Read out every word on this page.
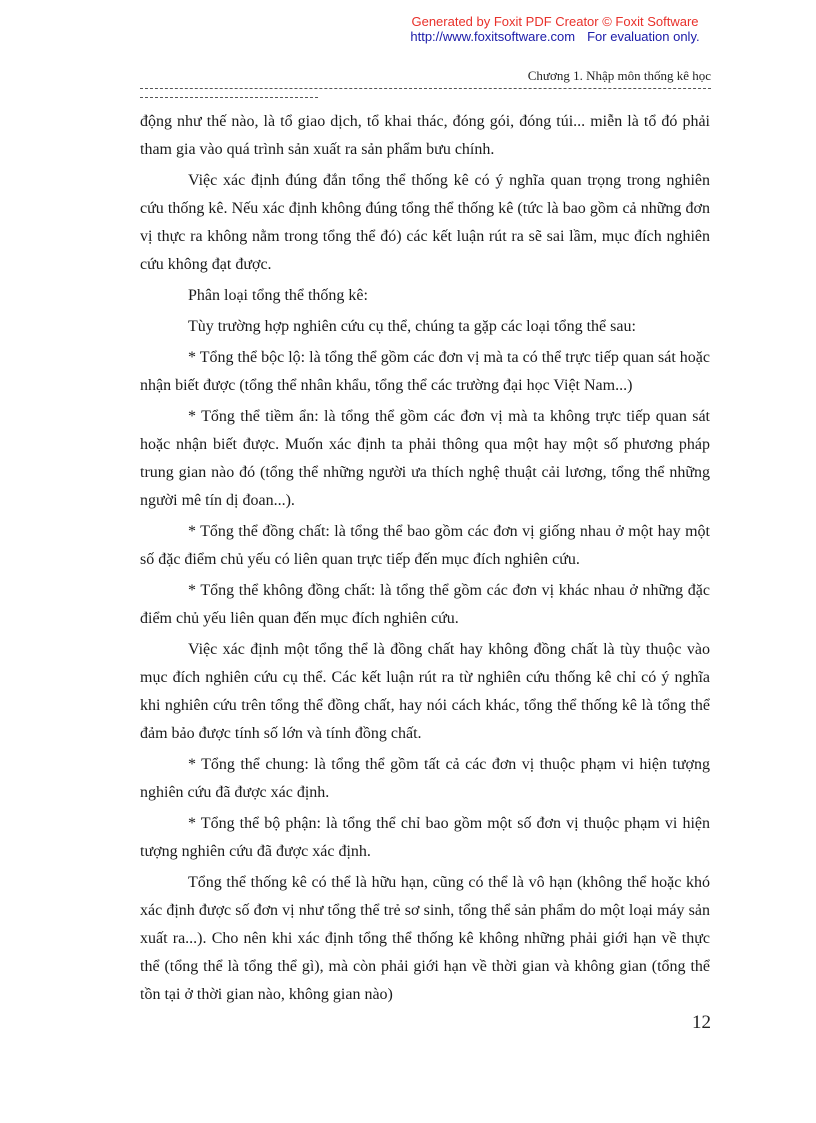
Generated by Foxit PDF Creator © Foxit Software
http://www.foxitsoftware.com For evaluation only.
Chương 1. Nhập môn thống kê học

động như thế nào, là tổ giao dịch, tổ khai thác, đóng gói, đóng túi... miễn là tổ đó phải tham gia vào quá trình sản xuất ra sản phẩm bưu chính.

Việc xác định đúng đắn tổng thể thống kê có ý nghĩa quan trọng trong nghiên cứu thống kê. Nếu xác định không đúng tổng thể thống kê (tức là bao gồm cả những đơn vị thực ra không nằm trong tổng thể đó) các kết luận rút ra sẽ sai lầm, mục đích nghiên cứu không đạt được.

Phân loại tổng thể thống kê:

Tùy trường hợp nghiên cứu cụ thể, chúng ta gặp các loại tổng thể sau:

* Tổng thể bộc lộ: là tổng thể gồm các đơn vị mà ta có thể trực tiếp quan sát hoặc nhận biết được (tổng thể nhân khẩu, tổng thể các trường đại học Việt Nam...)

* Tổng thể tiềm ẩn: là tổng thể gồm các đơn vị mà ta không trực tiếp quan sát hoặc nhận biết được. Muốn xác định ta phải thông qua một hay một số phương pháp trung gian nào đó (tổng thể những người ưa thích nghệ thuật cải lương, tổng thể những người mê tín dị đoan...).

* Tổng thể đồng chất: là tổng thể bao gồm các đơn vị giống nhau ở một hay một số đặc điểm chủ yếu có liên quan trực tiếp đến mục đích nghiên cứu.

* Tổng thể không đồng chất: là tổng thể gồm các đơn vị khác nhau ở những đặc điểm chủ yếu liên quan đến mục đích nghiên cứu.

Việc xác định một tổng thể là đồng chất hay không đồng chất là tùy thuộc vào mục đích nghiên cứu cụ thể. Các kết luận rút ra từ nghiên cứu thống kê chỉ có ý nghĩa khi nghiên cứu trên tổng thể đồng chất, hay nói cách khác, tổng thể thống kê là tổng thể đảm bảo được tính số lớn và tính đồng chất.

* Tổng thể chung: là tổng thể gồm tất cả các đơn vị thuộc phạm vi hiện tượng nghiên cứu đã được xác định.

* Tổng thể bộ phận: là tổng thể chỉ bao gồm một số đơn vị thuộc phạm vi hiện tượng nghiên cứu đã được xác định.

Tổng thể thống kê có thể là hữu hạn, cũng có thể là vô hạn (không thể hoặc khó xác định được số đơn vị như tổng thể trẻ sơ sinh, tổng thể sản phẩm do một loại máy sản xuất ra...). Cho nên khi xác định tổng thể thống kê không những phải giới hạn về thực thể (tổng thể là tổng thể gì), mà còn phải giới hạn về thời gian và không gian (tổng thể tồn tại ở thời gian nào, không gian nào)

12
